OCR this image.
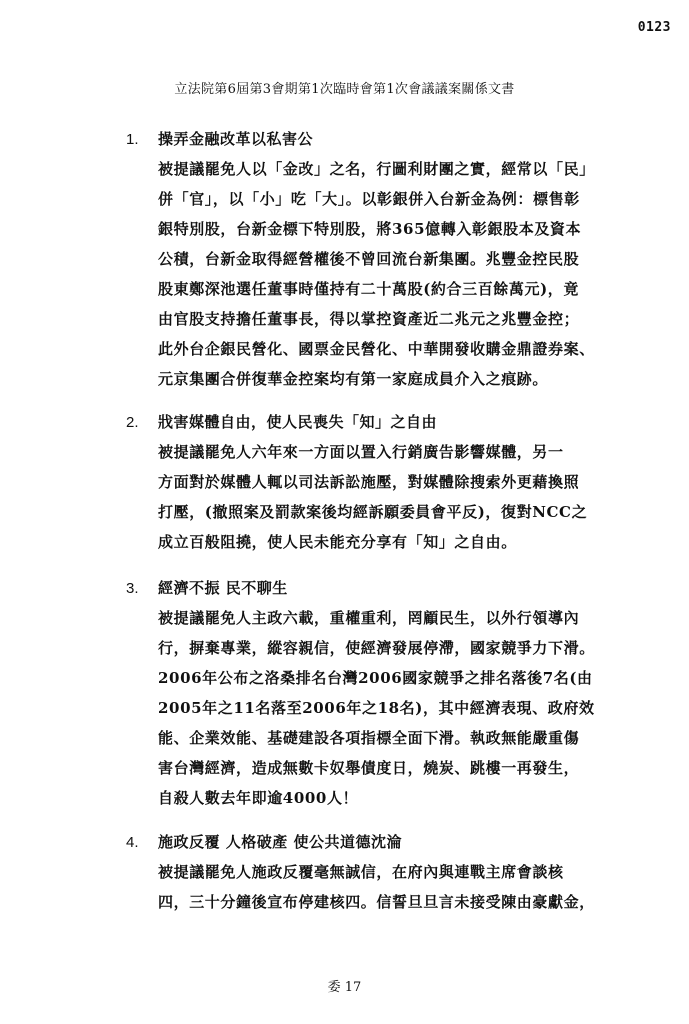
0123
立法院第6屆第3會期第1次臨時會第1次會議議案關係文書
1.	操弄金融改革以私害公
被提議罷免人以「金改」之名，行圖利財團之實，經常以「民」
併「官」，以「小」吃「大」。以彰銀併入台新金為例：標售彰
銀特別股，台新金標下特別股，將365億轉入彰銀股本及資本
公積，台新金取得經營權後不曾回流台新集團。兆豐金控民股
股東鄭深池選任董事時僅持有二十萬股(約合三百餘萬元)，竟
由官股支持擔任董事長，得以掌控資產近二兆元之兆豐金控；
此外台企銀民營化、國票金民營化、中華開發收購金鼎證券案、
元京集團合併復華金控案均有第一家庭成員介入之痕跡。
2.	戕害媒體自由，使人民喪失「知」之自由
被提議罷免人六年來一方面以置入行銷廣告影響媒體，另一
方面對於媒體人輒以司法訴訟施壓，對媒體除搜索外更藉換照
打壓，(撤照案及罰款案後均經訴願委員會平反)，復對NCC之
成立百般阻撓，使人民未能充分享有「知」之自由。
3.	經濟不振 民不聊生
被提議罷免人主政六載，重權重利，罔顧民生，以外行領導內
行，摒棄專業，縱容親信，使經濟發展停滯，國家競爭力下滑。
2006年公布之洛桑排名台灣2006國家競爭之排名落後7名(由
2005年之11名落至2006年之18名)，其中經濟表現、政府效
能、企業效能、基礎建設各項指標全面下滑。執政無能嚴重傷
害台灣經濟，造成無數卡奴舉債度日，燒炭、跳樓一再發生，
自殺人數去年即逾4000人！
4.	施政反覆 人格破產 使公共道德沈淪
被提議罷免人施政反覆毫無誠信，在府內與連戰主席會談核
四，三十分鐘後宣布停建核四。信誓旦旦言未接受陳由豪獻金，
委 17
